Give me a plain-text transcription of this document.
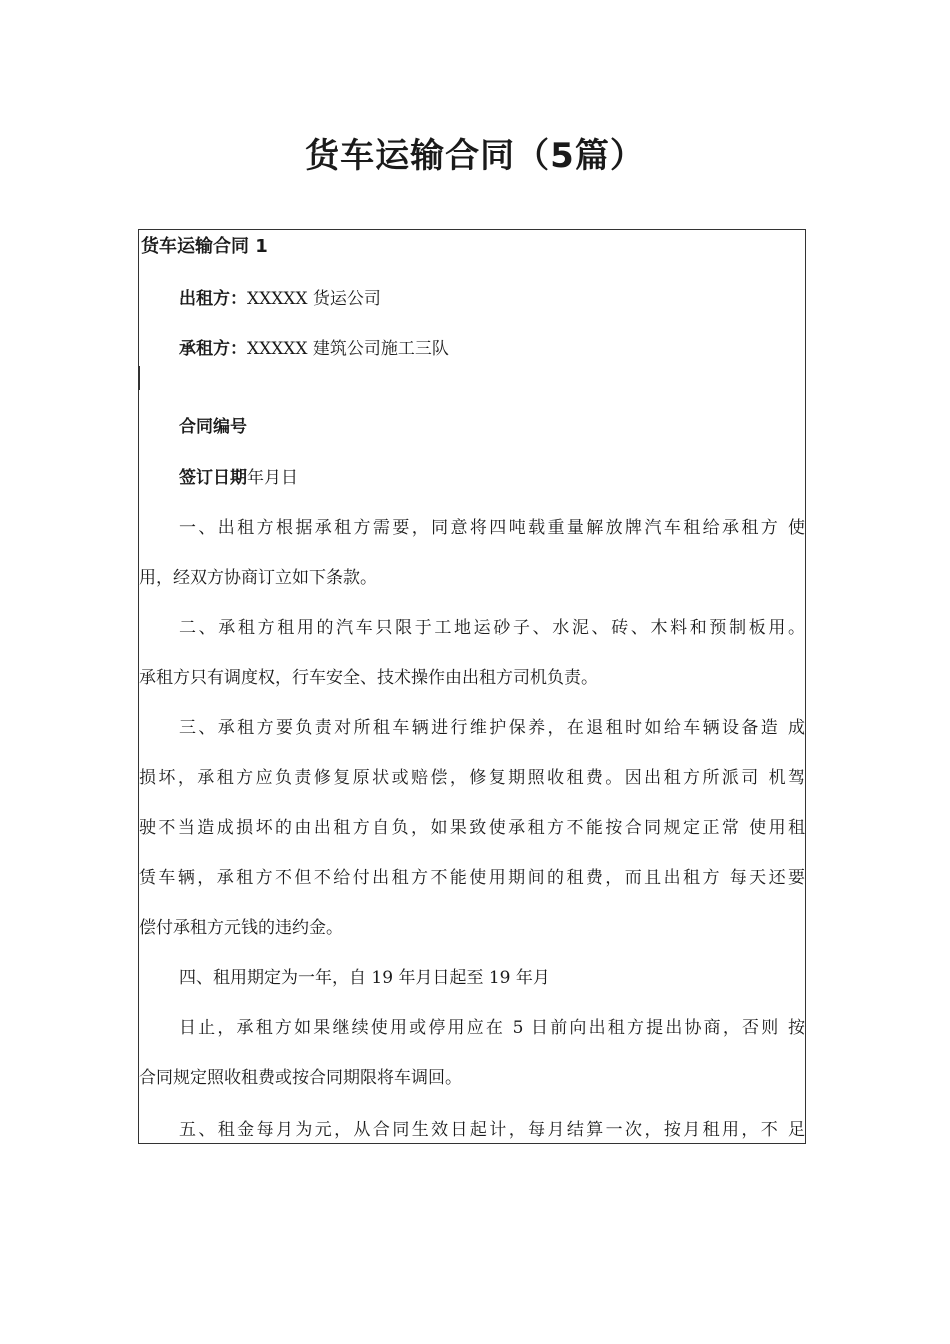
货车运输合同（5篇）
货车运输合同 1
出租方：XXXXX 货运公司
承租方：XXXXX 建筑公司施工三队
合同编号
签订日期年月日
一、出租方根据承租方需要，同意将四吨载重量解放牌汽车租给承租方 使
用，经双方协商订立如下条款。
二、承租方租用的汽车只限于工地运砂子、水泥、砖、木料和预制板用。
承租方只有调度权，行车安全、技术操作由出租方司机负责。
三、承租方要负责对所租车辆进行维护保养，在退租时如给车辆设备造 成
损坏，承租方应负责修复原状或赔偿，修复期照收租费。因出租方所派司 机驾
驶不当造成损坏的由出租方自负，如果致使承租方不能按合同规定正常 使用租
赁车辆，承租方不但不给付出租方不能使用期间的租费，而且出租方 每天还要
偿付承租方元钱的违约金。
四、租用期定为一年，自 19 年月日起至 19 年月
日止，承租方如果继续使用或停用应在 5 日前向出租方提出协商，否则 按
合同规定照收租费或按合同期限将车调回。
五、租金每月为元，从合同生效日起计，每月结算一次，按月租用，不 足
